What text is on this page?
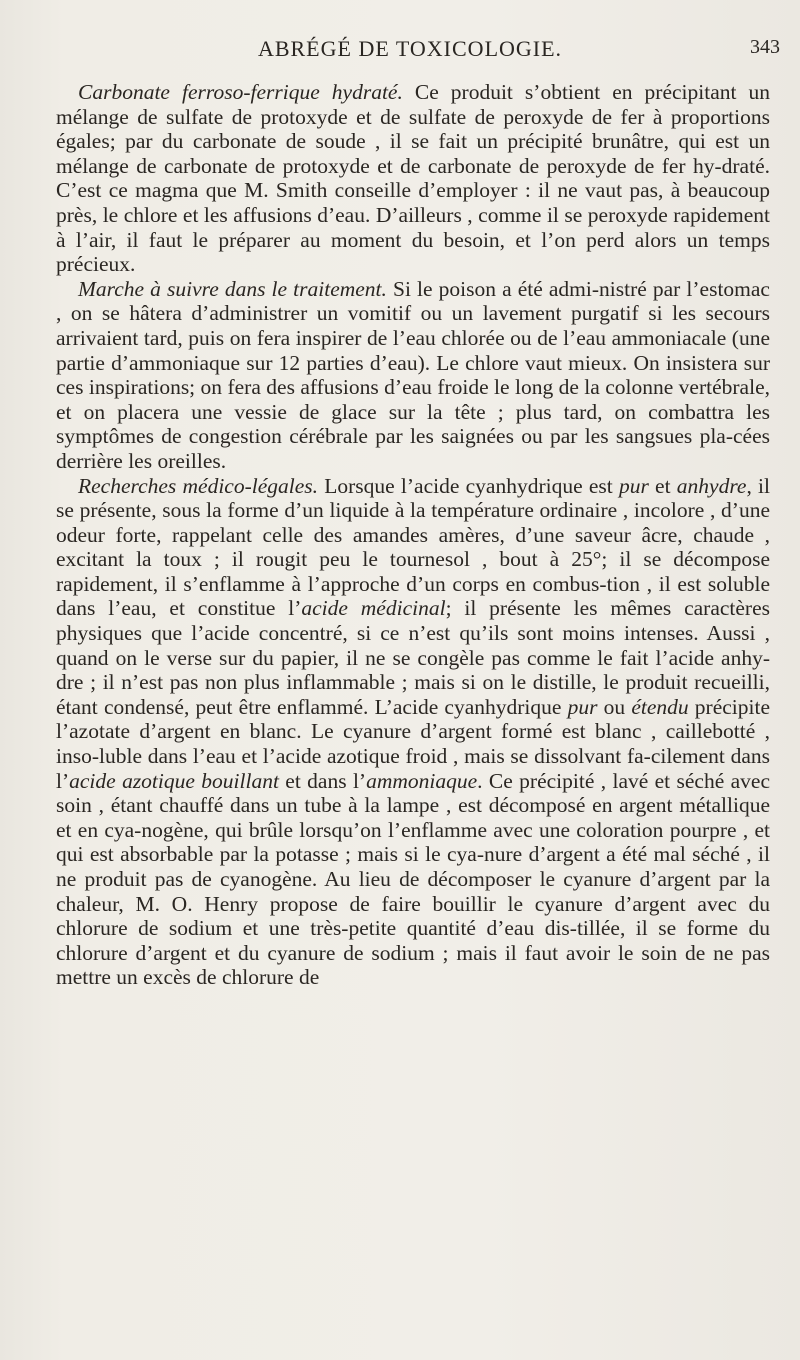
ABRÉGÉ DE TOXICOLOGIE.	343

Carbonate ferroso-ferrique hydraté. Ce produit s’obtient en précipitant un mélange de sulfate de protoxyde et de sulfate de peroxyde de fer à proportions égales; par du carbonate de soude , il se fait un précipité brunâtre, qui est un mélange de carbonate de protoxyde et de carbonate de peroxyde de fer hy-draté. C’est ce magma que M. Smith conseille d’employer : il ne vaut pas, à beaucoup près, le chlore et les affusions d’eau. D’ailleurs , comme il se peroxyde rapidement à l’air, il faut le préparer au moment du besoin, et l’on perd alors un temps précieux.

Marche à suivre dans le traitement. Si le poison a été admi-nistré par l’estomac , on se hâtera d’administrer un vomitif ou un lavement purgatif si les secours arrivaient tard, puis on fera inspirer de l’eau chlorée ou de l’eau ammoniacale (une partie d’ammoniaque sur 12 parties d’eau). Le chlore vaut mieux. On insistera sur ces inspirations; on fera des affusions d’eau froide le long de la colonne vertébrale, et on placera une vessie de glace sur la tête ; plus tard, on combattra les symptômes de congestion cérébrale par les saignées ou par les sangsues pla-cées derrière les oreilles.

Recherches médico-légales. Lorsque l’acide cyanhydrique est pur et anhydre, il se présente, sous la forme d’un liquide à la température ordinaire , incolore , d’une odeur forte, rappelant celle des amandes amères, d’une saveur âcre, chaude , excitant la toux ; il rougit peu le tournesol , bout à 25°; il se décompose rapidement, il s’enflamme à l’approche d’un corps en combus-tion , il est soluble dans l’eau, et constitue l’acide médicinal; il présente les mêmes caractères physiques que l’acide concentré, si ce n’est qu’ils sont moins intenses. Aussi , quand on le verse sur du papier, il ne se congèle pas comme le fait l’acide anhy-dre ; il n’est pas non plus inflammable ; mais si on le distille, le produit recueilli, étant condensé, peut être enflammé. L’acide cyanhydrique pur ou étendu précipite l’azotate d’argent en blanc. Le cyanure d’argent formé est blanc , caillebotté , inso-luble dans l’eau et l’acide azotique froid , mais se dissolvant fa-cilement dans l’acide azotique bouillant et dans l’ammoniaque. Ce précipité , lavé et séché avec soin , étant chauffé dans un tube à la lampe , est décomposé en argent métallique et en cya-nogène, qui brûle lorsqu’on l’enflamme avec une coloration pourpre , et qui est absorbable par la potasse ; mais si le cya-nure d’argent a été mal séché , il ne produit pas de cyanogène. Au lieu de décomposer le cyanure d’argent par la chaleur, M. O. Henry propose de faire bouillir le cyanure d’argent avec du chlorure de sodium et une très-petite quantité d’eau dis-tillée, il se forme du chlorure d’argent et du cyanure de sodium ; mais il faut avoir le soin de ne pas mettre un excès de chlorure de
